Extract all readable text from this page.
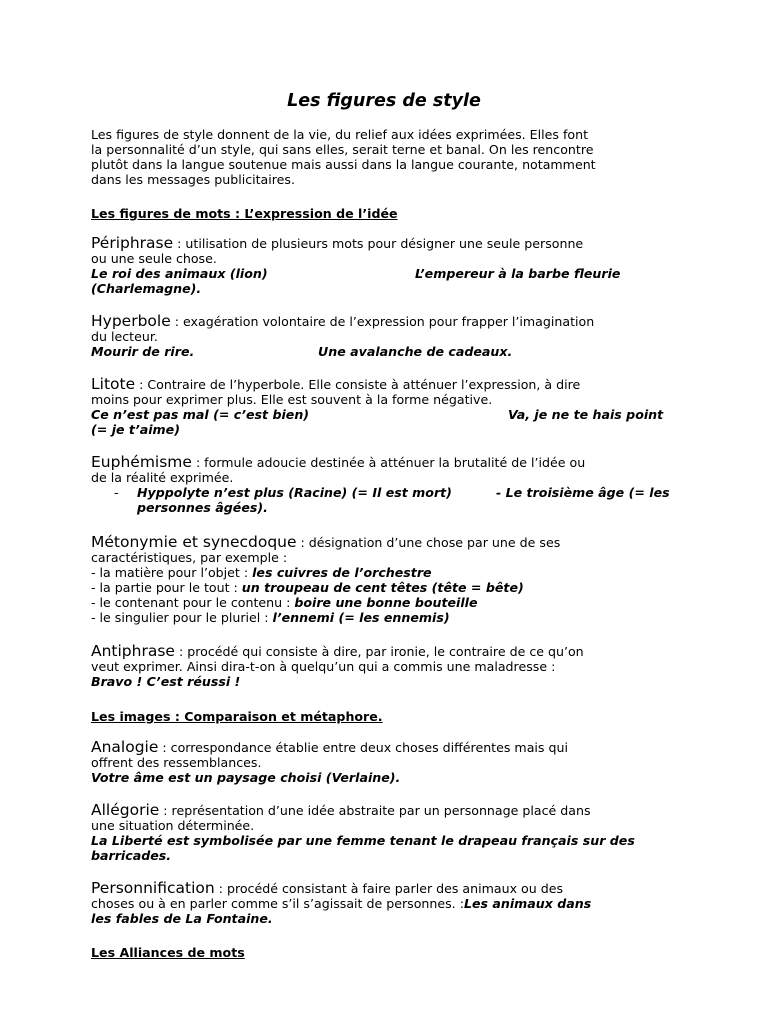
Les figures de style
Les figures de style donnent de la vie, du relief aux idées exprimées. Elles font
la personnalité d’un style, qui sans elles, serait terne et banal. On les rencontre
plutôt dans la langue soutenue mais aussi dans la langue courante, notamment
dans les messages publicitaires.
Les figures de mots : L’expression de l’idée
Périphrase : utilisation de plusieurs mots pour désigner une seule personne
ou une seule chose.
Le roi des animaux (lion)	L’empereur à la barbe fleurie
(Charlemagne).
Hyperbole : exagération volontaire de l’expression pour frapper l’imagination
du lecteur.
Mourir de rire.	Une avalanche de cadeaux.
Litote : Contraire de l’hyperbole. Elle consiste à atténuer l’expression, à dire
moins pour exprimer plus. Elle est souvent à la forme négative.
Ce n’est pas mal (= c’est bien)	Va, je ne te hais point
(= je t’aime)
Euphémisme : formule adoucie destinée à atténuer la brutalité de l’idée ou
de la réalité exprimée.
- Hyppolyte n’est plus (Racine) (= Il est mort)	- Le troisième âge (= les
personnes âgées).
Métonymie et synecdoque : désignation d’une chose par une de ses
caractéristiques, par exemple :
- la matière pour l’objet : les cuivres de l’orchestre
- la partie pour le tout : un troupeau de cent têtes (tête = bête)
- le contenant pour le contenu : boire une bonne bouteille
- le singulier pour le pluriel : l’ennemi (= les ennemis)
Antiphrase : procédé qui consiste à dire, par ironie, le contraire de ce qu’on
veut exprimer. Ainsi dira-t-on à quelqu’un qui a commis une maladresse :
Bravo ! C’est réussi !
Les images : Comparaison et métaphore.
Analogie : correspondance établie entre deux choses différentes mais qui
offrent des ressemblances.
Votre âme est un paysage choisi (Verlaine).
Allégorie : représentation d’une idée abstraite par un personnage placé dans
une situation déterminée.
La Liberté est symbolisée par une femme tenant le drapeau français sur des
barricades.
Personnification : procédé consistant à faire parler des animaux ou des
choses ou à en parler comme s’il s’agissait de personnes. :Les animaux dans
les fables de La Fontaine.
Les Alliances de mots
